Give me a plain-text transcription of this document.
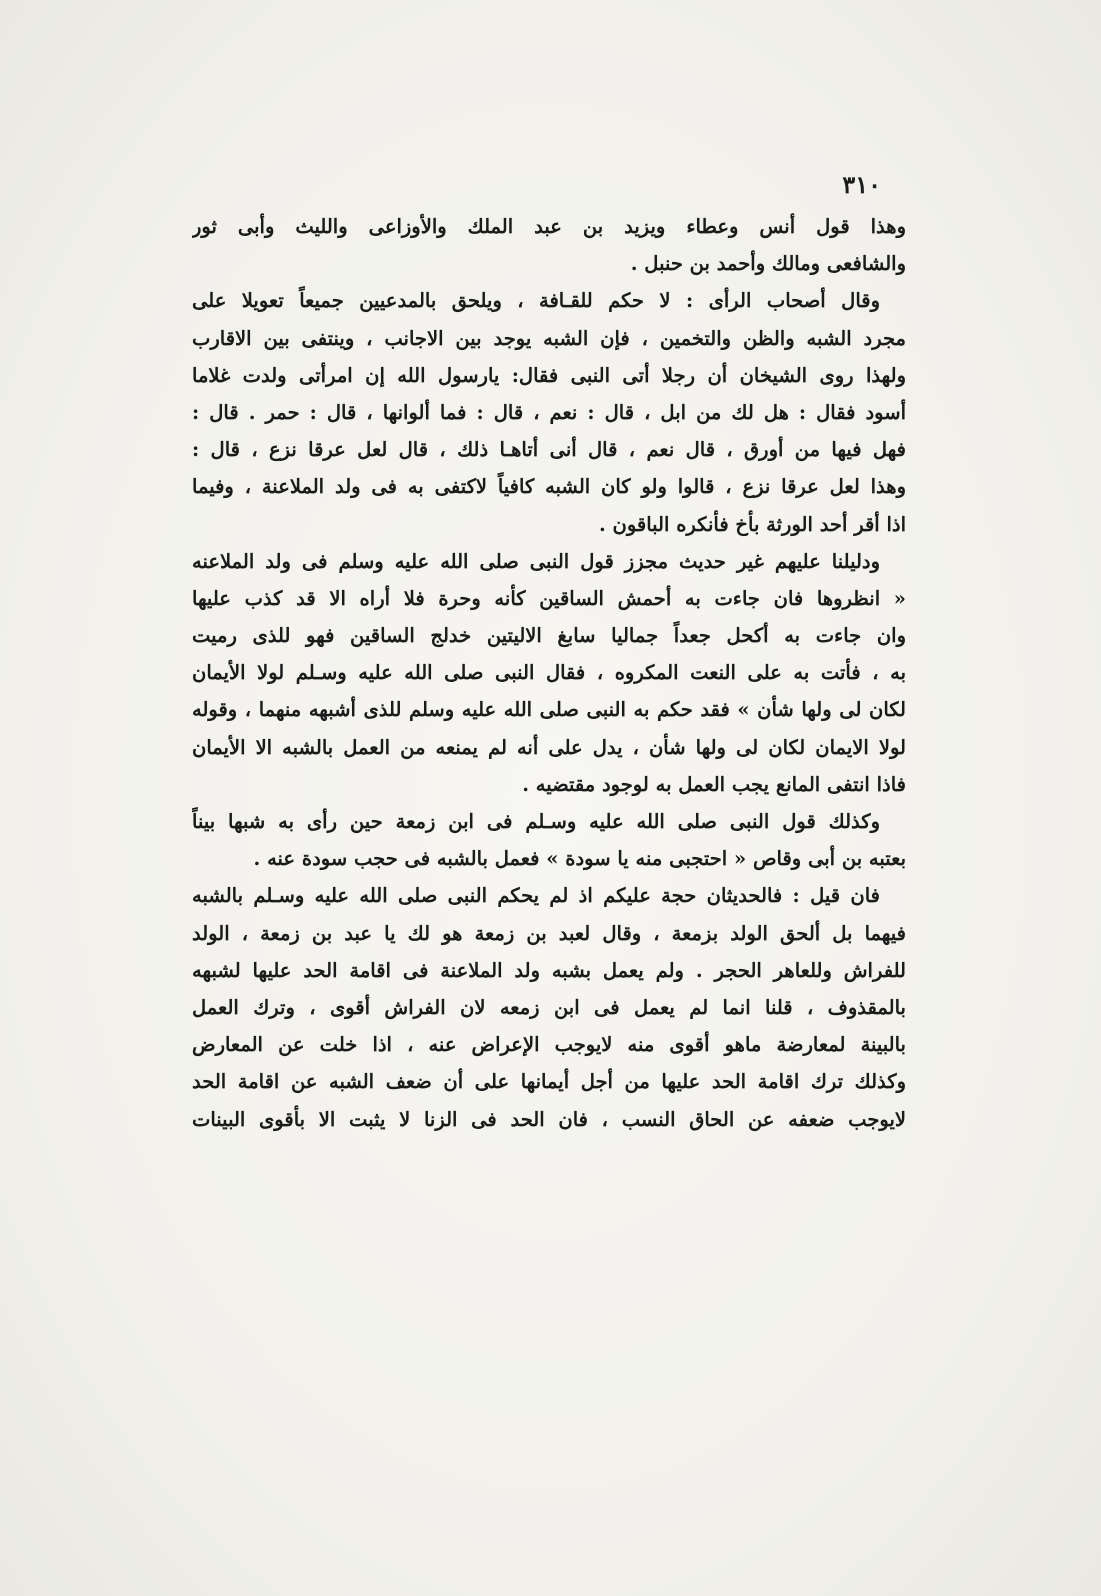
٣١٠
وهذا قول أنس وعطاء ويزيد بن عبد الملك والأوزاعى والليث وأبى ثور
والشافعى ومالك وأحمد بن حنبل .
وقال أصحاب الرأى : لا حكم للقـافة ، ويلحق بالمدعيين جميعاً تعويلا على
مجرد الشبه والظن والتخمين ، فإن الشبه يوجد بين الاجانب ، وينتفى بين الاقارب
ولهذا روى الشيخان أن رجلا أتى النبى فقال: يارسول الله إن امرأتى ولدت غلاما
أسود فقال : هل لك من ابل ، قال : نعم ، قال : فما ألوانها ، قال : حمر . قال :
فهل فيها من أورق ، قال نعم ، قال أنى أتاهـا ذلك ، قال لعل عرقا نزع ، قال :
وهذا لعل عرقا نزع ، قالوا ولو كان الشبه كافياً لاكتفى به فى ولد الملاعنة ، وفيما
اذا أقر أحد الورثة بأخ فأنكره الباقون .
ودليلنا عليهم غير حديث مجزز قول النبى صلى الله عليه وسلم فى ولد الملاعنه
« انظروها فان جاءت به أحمش الساقين كأنه وحرة فلا أراه الا قد كذب عليها
وان جاءت به أكحل جعداً جماليا سابغ الاليتين خدلج الساقين فهو للذى رميت
به ، فأتت به على النعت المكروه ، فقال النبى صلى الله عليه وسـلم لولا الأيمان
لكان لى ولها شأن » فقد حكم به النبى صلى الله عليه وسلم للذى أشبهه منهما ، وقوله
لولا الايمان لكان لى ولها شأن ، يدل على أنه لم يمنعه من العمل بالشبه الا الأيمان
فاذا انتفى المانع يجب العمل به لوجود مقتضيه .
وكذلك قول النبى صلى الله عليه وسـلم فى ابن زمعة حين رأى به شبها بيناً
بعتبه بن أبى وقاص « احتجبى منه يا سودة » فعمل بالشبه فى حجب سودة عنه .
فان قيل : فالحديثان حجة عليكم اذ لم يحكم النبى صلى الله عليه وسـلم بالشبه
فيهما بل ألحق الولد بزمعة ، وقال لعبد بن زمعة هو لك يا عبد بن زمعة ، الولد
للفراش وللعاهر الحجر . ولم يعمل بشبه ولد الملاعنة فى اقامة الحد عليها لشبهه
بالمقذوف ، قلنا انما لم يعمل فى ابن زمعه لان الفراش أقوى ، وترك العمل
بالبينة لمعارضة ماهو أقوى منه لايوجب الإعراض عنه ، اذا خلت عن المعارض
وكذلك ترك اقامة الحد عليها من أجل أيمانها على أن ضعف الشبه عن اقامة الحد
لايوجب ضعفه عن الحاق النسب ، فان الحد فى الزنا لا يثبت الا بأقوى البينات
